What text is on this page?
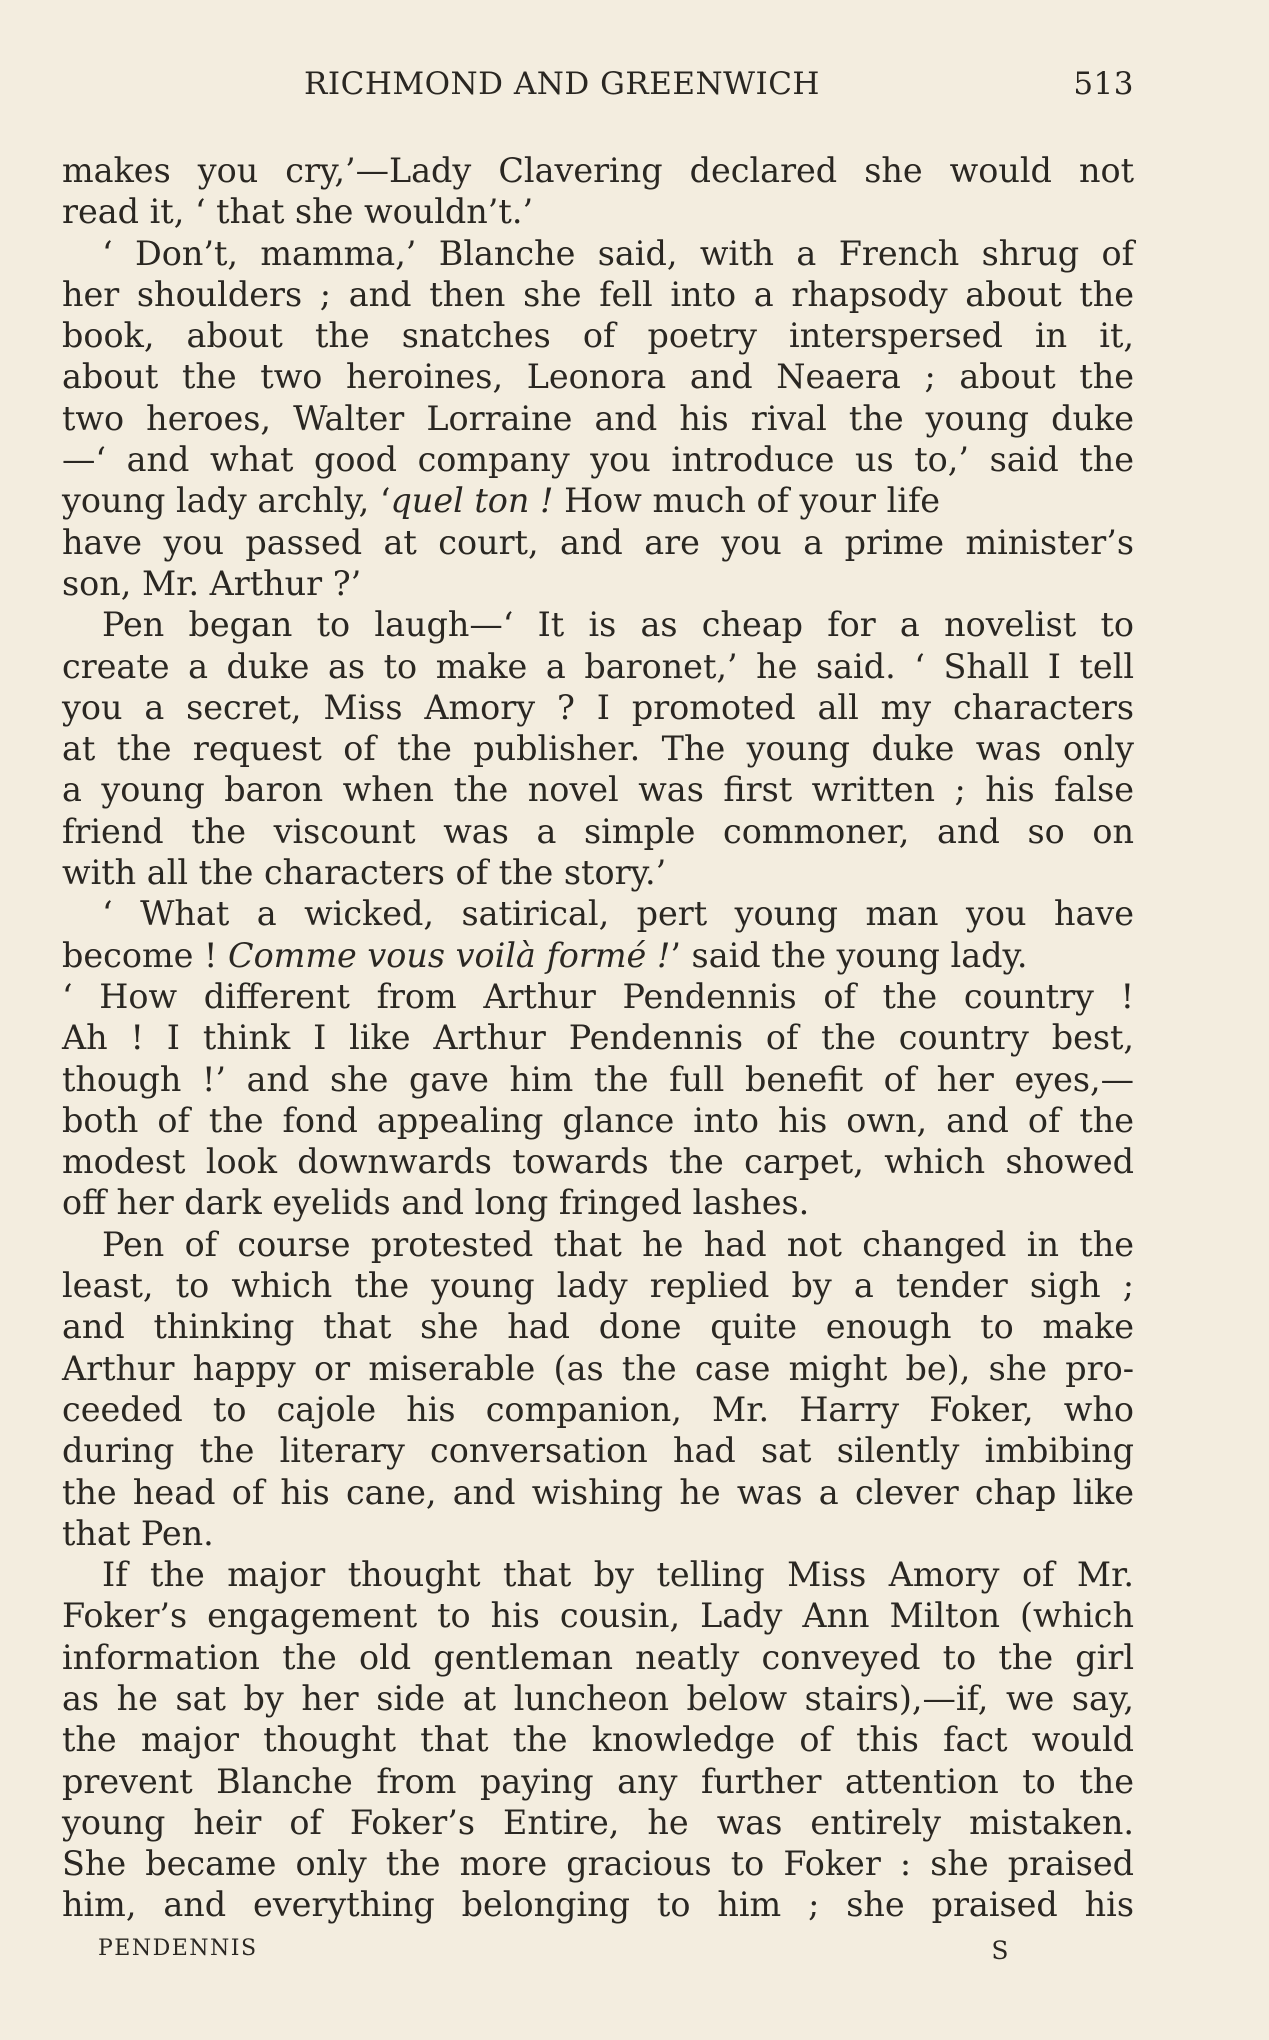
RICHMOND AND GREENWICH	513
makes you cry,’—Lady Clavering declared she would not
read it, ‘ that she wouldn’t.’
‘ Don’t, mamma,’ Blanche said, with a French shrug of
her shoulders ; and then she fell into a rhapsody about the
book, about the snatches of poetry interspersed in it,
about the two heroines, Leonora and Neaera ; about the
two heroes, Walter Lorraine and his rival the young duke
—‘ and what good company you introduce us to,’ said the
young lady archly, ‘quel ton ! How much of your life
have you passed at court, and are you a prime minister’s
son, Mr. Arthur ?’
Pen began to laugh—‘ It is as cheap for a novelist to
create a duke as to make a baronet,’ he said. ‘ Shall I tell
you a secret, Miss Amory ? I promoted all my characters
at the request of the publisher. The young duke was only
a young baron when the novel was first written ; his false
friend the viscount was a simple commoner, and so on
with all the characters of the story.’
‘ What a wicked, satirical, pert young man you have
become ! Comme vous voilà formé !’ said the young lady.
‘ How different from Arthur Pendennis of the country !
Ah ! I think I like Arthur Pendennis of the country best,
though !’ and she gave him the full benefit of her eyes,—
both of the fond appealing glance into his own, and of the
modest look downwards towards the carpet, which showed
off her dark eyelids and long fringed lashes.
Pen of course protested that he had not changed in the
least, to which the young lady replied by a tender sigh ;
and thinking that she had done quite enough to make
Arthur happy or miserable (as the case might be), she pro-
ceeded to cajole his companion, Mr. Harry Foker, who
during the literary conversation had sat silently imbibing
the head of his cane, and wishing he was a clever chap like
that Pen.
If the major thought that by telling Miss Amory of Mr.
Foker’s engagement to his cousin, Lady Ann Milton (which
information the old gentleman neatly conveyed to the girl
as he sat by her side at luncheon below stairs),—if, we say,
the major thought that the knowledge of this fact would
prevent Blanche from paying any further attention to the
young heir of Foker’s Entire, he was entirely mistaken.
She became only the more gracious to Foker : she praised
him, and everything belonging to him ; she praised his
PENDENNIS	S
